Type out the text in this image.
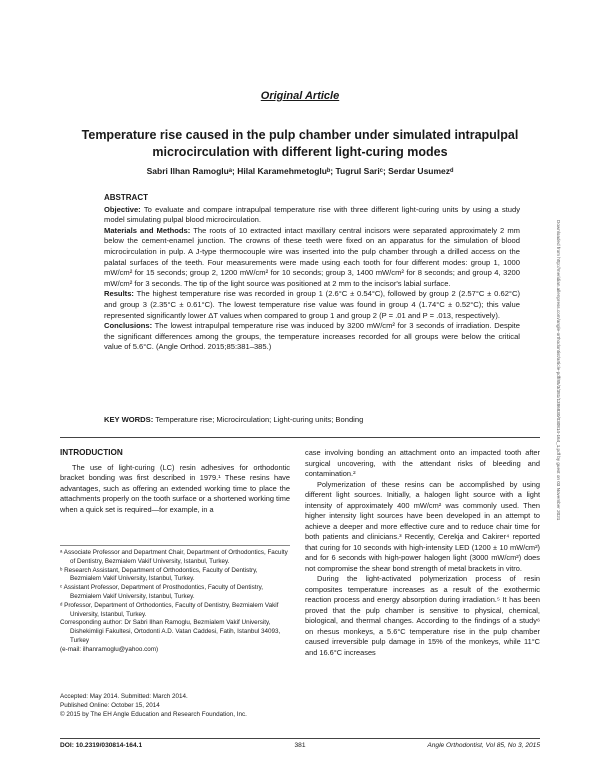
Original Article
Temperature rise caused in the pulp chamber under simulated intrapulpal microcirculation with different light-curing modes
Sabri Ilhan Ramogluᵃ; Hilal Karamehmetogluᵇ; Tugrul Sariᶜ; Serdar Usumezᵈ

ABSTRACT

Objective: To evaluate and compare intrapulpal temperature rise with three different light-curing units by using a study model simulating pulpal blood microcirculation.

Materials and Methods: The roots of 10 extracted intact maxillary central incisors were separated approximately 2 mm below the cement-enamel junction. The crowns of these teeth were fixed on an apparatus for the simulation of blood microcirculation in pulp. A J-type thermocouple wire was inserted into the pulp chamber through a drilled access on the palatal surfaces of the teeth. Four measurements were made using each tooth for four different modes: group 1, 1000 mW/cm² for 15 seconds; group 2, 1200 mW/cm² for 10 seconds; group 3, 1400 mW/cm² for 8 seconds; and group 4, 3200 mW/cm² for 3 seconds. The tip of the light source was positioned at 2 mm to the incisor's labial surface.

Results: The highest temperature rise was recorded in group 1 (2.6°C ± 0.54°C), followed by group 2 (2.57°C ± 0.62°C) and group 3 (2.35°C ± 0.61°C). The lowest temperature rise value was found in group 4 (1.74°C ± 0.52°C); this value represented significantly lower ΔT values when compared to group 1 and group 2 (P = .01 and P = .013, respectively).

Conclusions: The lowest intrapulpal temperature rise was induced by 3200 mW/cm² for 3 seconds of irradiation. Despite the significant differences among the groups, the temperature increases recorded for all groups were below the critical value of 5.6°C. (Angle Orthod. 2015;85:381–385.)

KEY WORDS: Temperature rise; Microcirculation; Light-curing units; Bonding
INTRODUCTION

The use of light-curing (LC) resin adhesives for orthodontic bracket bonding was first described in 1979.¹ These resins have advantages, such as offering an extended working time to place the attachments properly on the tooth surface or a shortened working time when a quick set is required—for example, in a

ᵃ Associate Professor and Department Chair, Department of Orthodontics, Faculty of Dentistry, Bezmialem Vakif University, Istanbul, Turkey.

ᵇ Research Assistant, Department of Orthodontics, Faculty of Dentistry, Bezmialem Vakif University, Istanbul, Turkey.

ᶜ Assistant Professor, Department of Prosthodontics, Faculty of Dentistry, Bezmialem Vakif University, Istanbul, Turkey.

ᵈ Professor, Department of Orthodontics, Faculty of Dentistry, Bezmialem Vakif University, Istanbul, Turkey.

Corresponding author: Dr Sabri Ilhan Ramoglu, Bezmialem Vakif University, Dishekimligi Fakultesi, Ortodonti A.D. Vatan Caddesi, Fatih, Istanbul 34093, Turkey

(e-mail: ilhanramoglu@yahoo.com)

Accepted: May 2014. Submitted: March 2014.

Published Online: October 15, 2014

© 2015 by The EH Angle Education and Research Foundation, Inc.

case involving bonding an attachment onto an impacted tooth after surgical uncovering, with the attendant risks of bleeding and contamination.²

Polymerization of these resins can be accomplished by using different light sources. Initially, a halogen light source with a light intensity of approximately 400 mW/cm² was commonly used. Then higher intensity light sources have been developed in an attempt to achieve a deeper and more effective cure and to reduce chair time for both patients and clinicians.³ Recently, Cerekja and Cakirer⁴ reported that curing for 10 seconds with high-intensity LED (1200 ± 10 mW/cm²) and for 6 seconds with high-power halogen light (3000 mW/cm²) does not compromise the shear bond strength of metal brackets in vitro.

During the light-activated polymerization process of resin composites temperature increases as a result of the exothermic reaction process and energy absorption during irradiation.⁵ It has been proved that the pulp chamber is sensitive to physical, chemical, biological, and thermal changes. According to the findings of a study⁶ on rhesus monkeys, a 5.6°C temperature rise in the pulp chamber caused irreversible pulp damage in 15% of the monkeys, while 11°C and 16.6°C increases

DOI: 10.2319/030814-164.1	381	Angle Orthodontist, Vol 85, No 3, 2015
Downloaded from http://meridian.allenpress.com/angle-orthodontist/article-pdf/85/3/381/1386830/030814-164_1.pdf by guest on 03 November 2021
